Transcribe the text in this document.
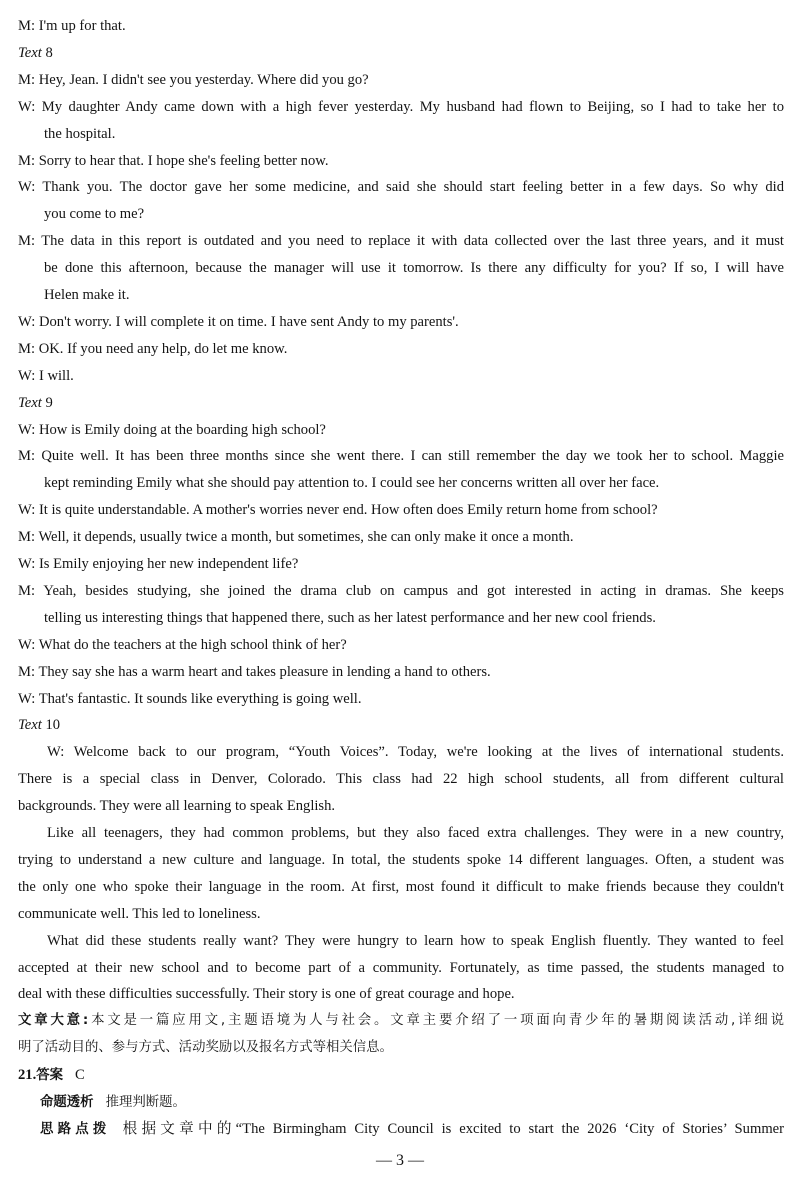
M: I'm up for that.
Text 8
M: Hey, Jean. I didn't see you yesterday. Where did you go?
W: My daughter Andy came down with a high fever yesterday. My husband had flown to Beijing, so I had to take her to
the hospital.
M: Sorry to hear that. I hope she's feeling better now.
W: Thank you. The doctor gave her some medicine, and said she should start feeling better in a few days. So why did
you come to me?
M: The data in this report is outdated and you need to replace it with data collected over the last three years, and it must
be done this afternoon, because the manager will use it tomorrow. Is there any difficulty for you? If so, I will have
Helen make it.
W: Don't worry. I will complete it on time. I have sent Andy to my parents'.
M: OK. If you need any help, do let me know.
W: I will.
Text 9
W: How is Emily doing at the boarding high school?
M: Quite well. It has been three months since she went there. I can still remember the day we took her to school. Maggie
kept reminding Emily what she should pay attention to. I could see her concerns written all over her face.
W: It is quite understandable. A mother's worries never end. How often does Emily return home from school?
M: Well, it depends, usually twice a month, but sometimes, she can only make it once a month.
W: Is Emily enjoying her new independent life?
M: Yeah, besides studying, she joined the drama club on campus and got interested in acting in dramas. She keeps
telling us interesting things that happened there, such as her latest performance and her new cool friends.
W: What do the teachers at the high school think of her?
M: They say she has a warm heart and takes pleasure in lending a hand to others.
W: That's fantastic. It sounds like everything is going well.
Text 10
W: Welcome back to our program, “Youth Voices”. Today, we're looking at the lives of international students.
There is a special class in Denver, Colorado. This class had 22 high school students, all from different cultural
backgrounds. They were all learning to speak English.
Like all teenagers, they had common problems, but they also faced extra challenges. They were in a new country,
trying to understand a new culture and language. In total, the students spoke 14 different languages. Often, a student was
the only one who spoke their language in the room. At first, most found it difficult to make friends because they couldn't
communicate well. This led to loneliness.
What did these students really want? They were hungry to learn how to speak English fluently. They wanted to feel
accepted at their new school and to become part of a community. Fortunately, as time passed, the students managed to
deal with these difficulties successfully. Their story is one of great courage and hope.
文章大意:本文是一篇应用文,主题语境为人与社会。文章主要介绍了一项面向青少年的暑期阅读活动,详细说
明了活动目的、参与方式、活动奖励以及报名方式等相关信息。
21.答案 C
命题透析 推理判断题。
思路点拨 根据文章中的“The Birmingham City Council is excited to start the 2026 ‘City of Stories’ Summer
— 3 —
